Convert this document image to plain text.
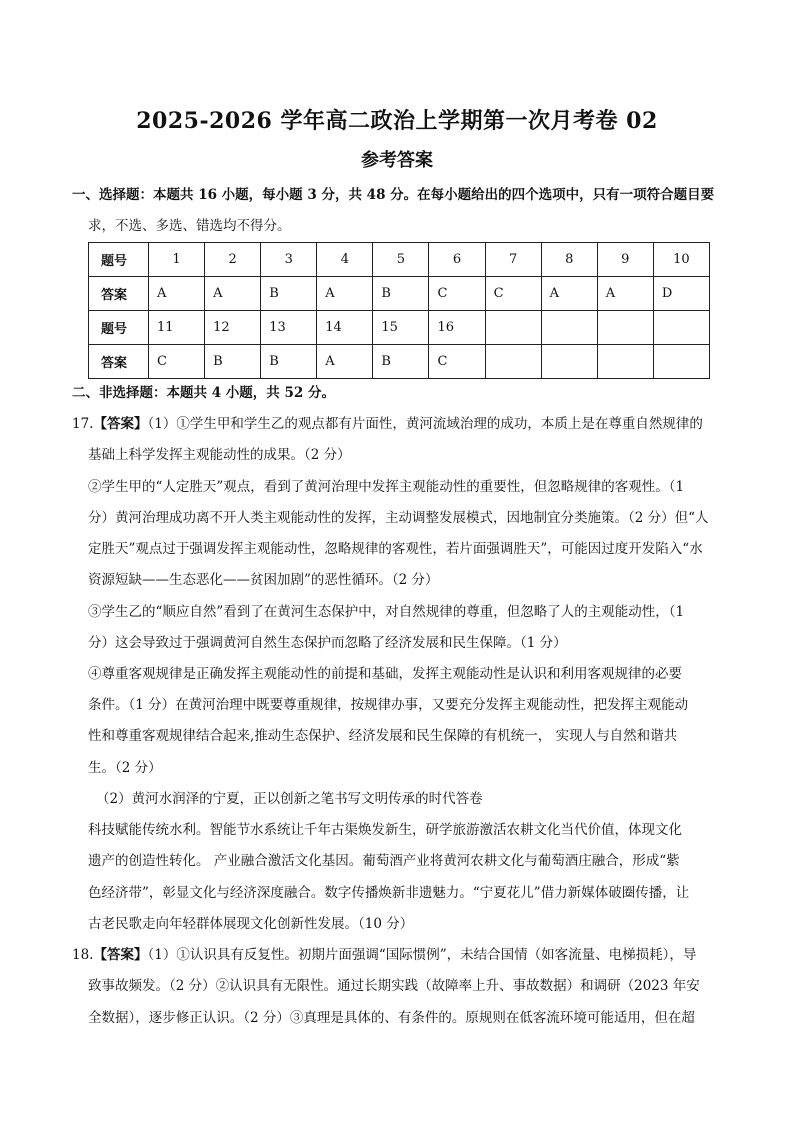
2025-2026 学年高二政治上学期第一次月考卷 02
参考答案
一、选择题：本题共 16 小题，每小题 3 分，共 48 分。在每小题给出的四个选项中，只有一项符合题目要
求，不选、多选、错选均不得分。
题号	1	2	3	4	5	6	7	8	9	10
答案	A	A	B	A	B	C	C	A	A	D
题号	11	12	13	14	15	16				
答案	C	B	B	A	B	C				
二、非选择题：本题共 4 小题，共 52 分。
17.【答案】（1）①学生甲和学生乙的观点都有片面性，黄河流域治理的成功，本质上是在尊重自然规律的
基础上科学发挥主观能动性的成果。（2 分）
②学生甲的“人定胜天”观点，看到了黄河治理中发挥主观能动性的重要性，但忽略规律的客观性。（1
分）黄河治理成功离不开人类主观能动性的发挥，主动调整发展模式，因地制宜分类施策。（2 分）但“人
定胜天”观点过于强调发挥主观能动性，忽略规律的客观性，若片面强调胜天”，可能因过度开发陷入“水
资源短缺——生态恶化——贫困加剧”的恶性循环。（2 分）
③学生乙的“顺应自然”看到了在黄河生态保护中，对自然规律的尊重，但忽略了人的主观能动性，（1
分）这会导致过于强调黄河自然生态保护而忽略了经济发展和民生保障。（1 分）
④尊重客观规律是正确发挥主观能动性的前提和基础，发挥主观能动性是认识和利用客观规律的必要
条件。（1 分）在黄河治理中既要尊重规律，按规律办事，又要充分发挥主观能动性，把发挥主观能动
性和尊重客观规律结合起来,推动生态保护、经济发展和民生保障的有机统一， 实现人与自然和谐共
生。（2 分）
（2）黄河水润泽的宁夏，正以创新之笔书写文明传承的时代答卷
科技赋能传统水利。智能节水系统让千年古渠焕发新生，研学旅游激活农耕文化当代价值，体现文化
遗产的创造性转化。 产业融合激活文化基因。葡萄酒产业将黄河农耕文化与葡萄酒庄融合，形成“紫
色经济带”，彰显文化与经济深度融合。数字传播焕新非遗魅力。“宁夏花儿”借力新媒体破圈传播，让
古老民歌走向年轻群体展现文化创新性发展。（10 分）
18.【答案】（1）①认识具有反复性。初期片面强调“国际惯例”，未结合国情（如客流量、电梯损耗），导
致事故频发。（2 分）②认识具有无限性。通过长期实践（故障率上升、事故数据）和调研（2023 年安
全数据），逐步修正认识。（2 分）③真理是具体的、有条件的。原规则在低客流环境可能适用，但在超
